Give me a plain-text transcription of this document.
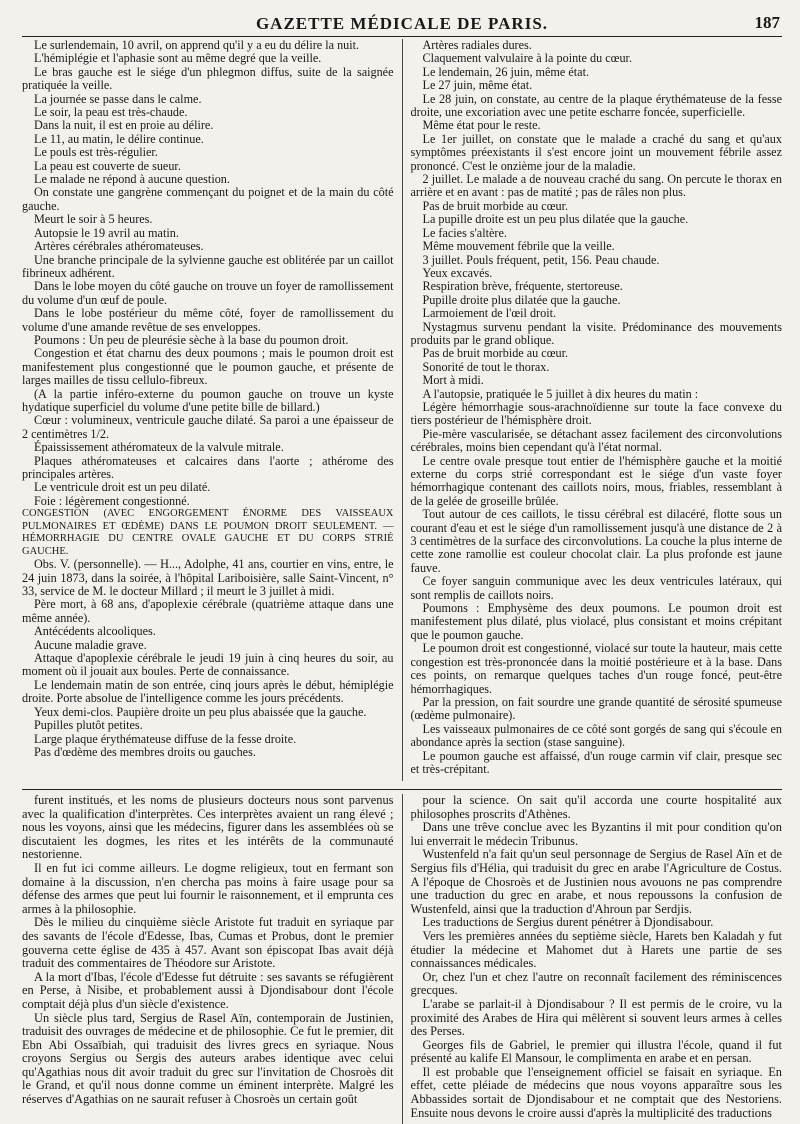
GAZETTE MÉDICALE DE PARIS.	187

Le surlendemain, 10 avril, on apprend qu'il y a eu du délire la nuit.

L'hémiplégie et l'aphasie sont au même degré que la veille.

Le bras gauche est le siége d'un phlegmon diffus, suite de la saignée pratiquée la veille.

La journée se passe dans le calme.

Le soir, la peau est très-chaude.

Dans la nuit, il est en proie au délire.

Le 11, au matin, le délire continue.

Le pouls est très-régulier.

La peau est couverte de sueur.

Le malade ne répond à aucune question.

On constate une gangrène commençant du poignet et de la main du côté gauche.

Meurt le soir à 5 heures.

Autopsie le 19 avril au matin.

Artères cérébrales athéromateuses.

Une branche principale de la sylvienne gauche est oblitérée par un caillot fibrineux adhérent.

Dans le lobe moyen du côté gauche on trouve un foyer de ramollissement du volume d'un œuf de poule.

Dans le lobe postérieur du même côté, foyer de ramollissement du volume d'une amande revêtue de ses enveloppes.

Poumons : Un peu de pleurésie sèche à la base du poumon droit.

Congestion et état charnu des deux poumons ; mais le poumon droit est manifestement plus congestionné que le poumon gauche, et présente de larges mailles de tissu cellulo-fibreux.

(A la partie inféro-externe du poumon gauche on trouve un kyste hydatique superficiel du volume d'une petite bille de billard.)

Cœur : volumineux, ventricule gauche dilaté. Sa paroi a une épaisseur de 2 centimètres 1/2.

Épaississement athéromateux de la valvule mitrale.

Plaques athéromateuses et calcaires dans l'aorte ; athérome des principales artères.

Le ventricule droit est un peu dilaté.

Foie : légèrement congestionné.

CONGESTION (AVEC ENGORGEMENT ÉNORME DES VAISSEAUX PULMONAIRES ET ŒDÈME) DANS LE POUMON DROIT SEULEMENT. — HÉMORRHAGIE DU CENTRE OVALE GAUCHE ET DU CORPS STRIÉ GAUCHE.

Obs. V. (personnelle). — H..., Adolphe, 41 ans, courtier en vins, entre, le 24 juin 1873, dans la soirée, à l'hôpital Lariboisière, salle Saint-Vincent, n° 33, service de M. le docteur Millard ; il meurt le 3 juillet à midi.

Père mort, à 68 ans, d'apoplexie cérébrale (quatrième attaque dans une même année).

Antécédents alcooliques.

Aucune maladie grave.

Attaque d'apoplexie cérébrale le jeudi 19 juin à cinq heures du soir, au moment où il jouait aux boules. Perte de connaissance.

Le lendemain matin de son entrée, cinq jours après le début, hémiplégie droite. Porte absolue de l'intelligence comme les jours précédents.

Yeux demi-clos. Paupière droite un peu plus abaissée que la gauche.

Pupilles plutôt petites.

Large plaque érythémateuse diffuse de la fesse droite.

Pas d'œdème des membres droits ou gauches.

Artères radiales dures.

Claquement valvulaire à la pointe du cœur.

Le lendemain, 26 juin, même état.

Le 27 juin, même état.

Le 28 juin, on constate, au centre de la plaque érythémateuse de la fesse droite, une excoriation avec une petite escharre foncée, superficielle.

Même état pour le reste.

Le 1er juillet, on constate que le malade a craché du sang et qu'aux symptômes préexistants il s'est encore joint un mouvement fébrile assez prononcé. C'est le onzième jour de la maladie.

2 juillet. Le malade a de nouveau craché du sang. On percute le thorax en arrière et en avant : pas de matité ; pas de râles non plus.

Pas de bruit morbide au cœur.

La pupille droite est un peu plus dilatée que la gauche.

Le facies s'altère.

Même mouvement fébrile que la veille.

3 juillet. Pouls fréquent, petit, 156. Peau chaude.

Yeux excavés.

Respiration brève, fréquente, stertoreuse.

Pupille droite plus dilatée que la gauche.

Larmoiement de l'œil droit.

Nystagmus survenu pendant la visite. Prédominance des mouvements produits par le grand oblique.

Pas de bruit morbide au cœur.

Sonorité de tout le thorax.

Mort à midi.

A l'autopsie, pratiquée le 5 juillet à dix heures du matin :

Légère hémorrhagie sous-arachnoïdienne sur toute la face convexe du tiers postérieur de l'hémisphère droit.

Pie-mère vascularisée, se détachant assez facilement des circonvolutions cérébrales, moins bien cependant qu'à l'état normal.

Le centre ovale presque tout entier de l'hémisphère gauche et la moitié externe du corps strié correspondant est le siége d'un vaste foyer hémorrhagique contenant des caillots noirs, mous, friables, ressemblant à de la gelée de groseille brûlée.

Tout autour de ces caillots, le tissu cérébral est dilacéré, flotte sous un courant d'eau et est le siége d'un ramollissement jusqu'à une distance de 2 à 3 centimètres de la surface des circonvolutions. La couche la plus interne de cette zone ramollie est couleur chocolat clair. La plus profonde est jaune fauve.

Ce foyer sanguin communique avec les deux ventricules latéraux, qui sont remplis de caillots noirs.

Poumons : Emphysème des deux poumons. Le poumon droit est manifestement plus dilaté, plus violacé, plus consistant et moins crépitant que le poumon gauche.

Le poumon droit est congestionné, violacé sur toute la hauteur, mais cette congestion est très-prononcée dans la moitié postérieure et à la base. Dans ces points, on remarque quelques taches d'un rouge foncé, peut-être hémorrhagiques.

Par la pression, on fait sourdre une grande quantité de sérosité spumeuse (œdème pulmonaire).

Les vaisseaux pulmonaires de ce côté sont gorgés de sang qui s'écoule en abondance après la section (stase sanguine).

Le poumon gauche est affaissé, d'un rouge carmin vif clair, presque sec et très-crépitant.

furent institués, et les noms de plusieurs docteurs nous sont parvenus avec la qualification d'interprètes. Ces interprètes avaient un rang élevé ; nous les voyons, ainsi que les médecins, figurer dans les assemblées où se discutaient les dogmes, les rites et les intérêts de la communauté nestorienne.

Il en fut ici comme ailleurs. Le dogme religieux, tout en fermant son domaine à la discussion, n'en chercha pas moins à faire usage pour sa défense des armes que peut lui fournir le raisonnement, et il emprunta ces armes à la philosophie.

Dès le milieu du cinquième siècle Aristote fut traduit en syriaque par des savants de l'école d'Edesse, Ibas, Cumas et Probus, dont le premier gouverna cette église de 435 à 457. Avant son épiscopat Ibas avait déjà traduit des commentaires de Théodore sur Aristote.

A la mort d'Ibas, l'école d'Edesse fut détruite : ses savants se réfugièrent en Perse, à Nisibe, et probablement aussi à Djondisabour dont l'école comptait déjà plus d'un siècle d'existence.

Un siècle plus tard, Sergius de Rasel Aïn, contemporain de Justinien, traduisit des ouvrages de médecine et de philosophie. Ce fut le premier, dit Ebn Abi Ossaïbiah, qui traduisit des livres grecs en syriaque. Nous croyons Sergius ou Sergis des auteurs arabes identique avec celui qu'Agathias nous dit avoir traduit du grec sur l'invitation de Chosroès dit le Grand, et qu'il nous donne comme un éminent interprète. Malgré les réserves d'Agathias on ne saurait refuser à Chosroès un certain goût

pour la science. On sait qu'il accorda une courte hospitalité aux philosophes proscrits d'Athènes.

Dans une trêve conclue avec les Byzantins il mit pour condition qu'on lui enverrait le médecin Tribunus.

Wustenfeld n'a fait qu'un seul personnage de Sergius de Rasel Aïn et de Sergius fils d'Hélia, qui traduisit du grec en arabe l'Agriculture de Costus. A l'époque de Chosroès et de Justinien nous avouons ne pas comprendre une traduction du grec en arabe, et nous repoussons la confusion de Wustenfeld, ainsi que la traduction d'Ahroun par Serdjis.

Les traductions de Sergius durent pénétrer à Djondisabour.

Vers les premières années du septième siècle, Harets ben Kaladah y fut étudier la médecine et Mahomet dut à Harets une partie de ses connaissances médicales.

Or, chez l'un et chez l'autre on reconnaît facilement des réminiscences grecques.

L'arabe se parlait-il à Djondisabour ? Il est permis de le croire, vu la proximité des Arabes de Hira qui mêlèrent si souvent leurs armes à celles des Perses.

Georges fils de Gabriel, le premier qui illustra l'école, quand il fut présenté au kalife El Mansour, le complimenta en arabe et en persan.

Il est probable que l'enseignement officiel se faisait en syriaque. En effet, cette pléiade de médecins que nous voyons apparaître sous les Abbassides sortait de Djondisabour et ne comptait que des Nestoriens. Ensuite nous devons le croire aussi d'après la multiplicité des traductions
